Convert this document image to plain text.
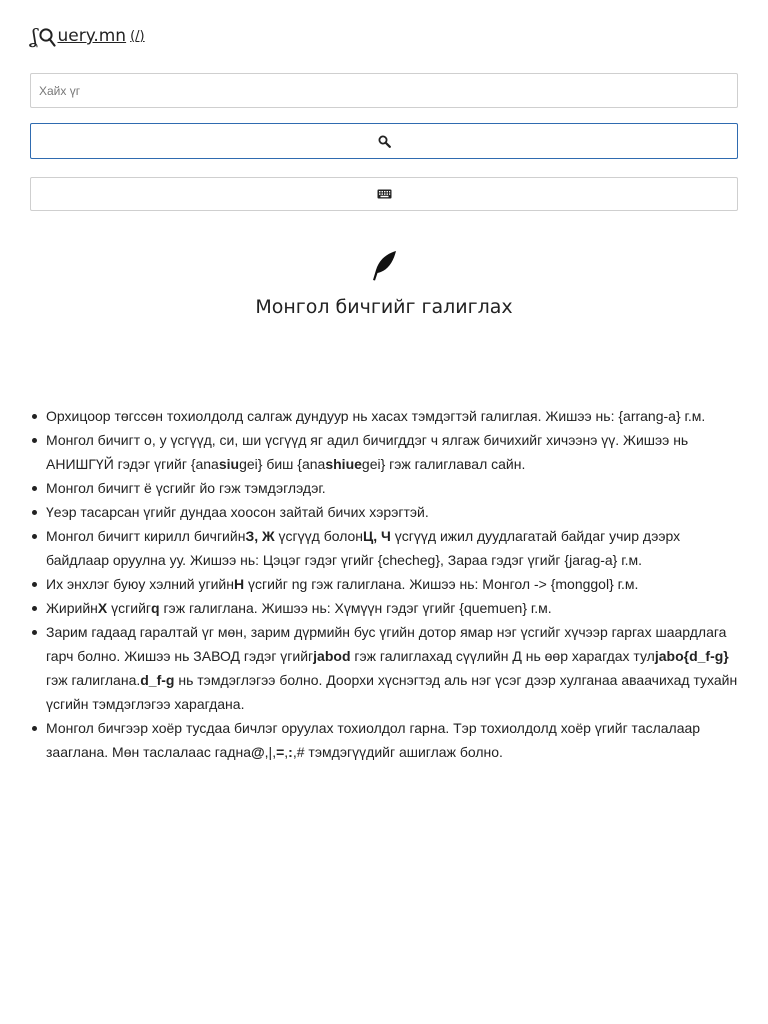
ʆ uery.mn (/)
Хайх үг
Монгол бичгийг галиглах
Орхицоор төгссөн тохиолдолд салгаж дундуур нь хасах тэмдэгтэй галиглая. Жишээ нь: {arrang-a} г.м.
Монгол бичигт о, у үсгүүд, си, ши үсгүүд яг адил бичигддэг ч ялгаж бичихийг хичээнэ үү. Жишээ нь АНИШГҮЙ гэдэг үгийг {anasiugei} биш {anashiuegei} гэж галиглавал сайн.
Монгол бичигт ё үсгийг йо гэж тэмдэглэдэг.
Үеэр тасарсан үгийг дундаа хоосон зайтай бичих хэрэгтэй.
Монгол бичигт кирилл бичгийнЗ, Ж үсгүүд болонЦ, Ч үсгүүд ижил дуудлагатай байдаг учир дээрх байдлаар оруулна уу. Жишээ нь: Цэцэг гэдэг үгийг {checheg}, Зараа гэдэг үгийг {jarag-a} г.м.
Их энхлэг буюу хэлний угийнН үсгийг ng гэж галиглана. Жишээ нь: Монгол -> {monggol} г.м.
ЖирийнХ үсгийгq гэж галиглана. Жишээ нь: Хүмүүн гэдэг үгийг {quemuen} г.м.
Зарим гадаад гаралтай үг мөн, зарим дүрмийн бус үгийн дотор ямар нэг үсгийг хүчээр гаргах шаардлага гарч болно. Жишээ нь ЗАВОД гэдэг үгийгjabod гэж галиглахад сүүлийн Д нь өөр харагдах тулjabo{d_f-g} гэж галиглана.d_f-g нь тэмдэглэгээ болно. Доорхи хүснэгтэд аль нэг үсэг дээр хулганаа аваачихад тухайн үсгийн тэмдэглэгээ харагдана.
Монгол бичгээр хоёр тусдаа бичлэг оруулах тохиолдол гарна. Тэр тохиолдолд хоёр үгийг таслалаар зааглана. Мөн таслалаас гадна@,|,=,:,# тэмдэгүүдийг ашиглаж болно.
